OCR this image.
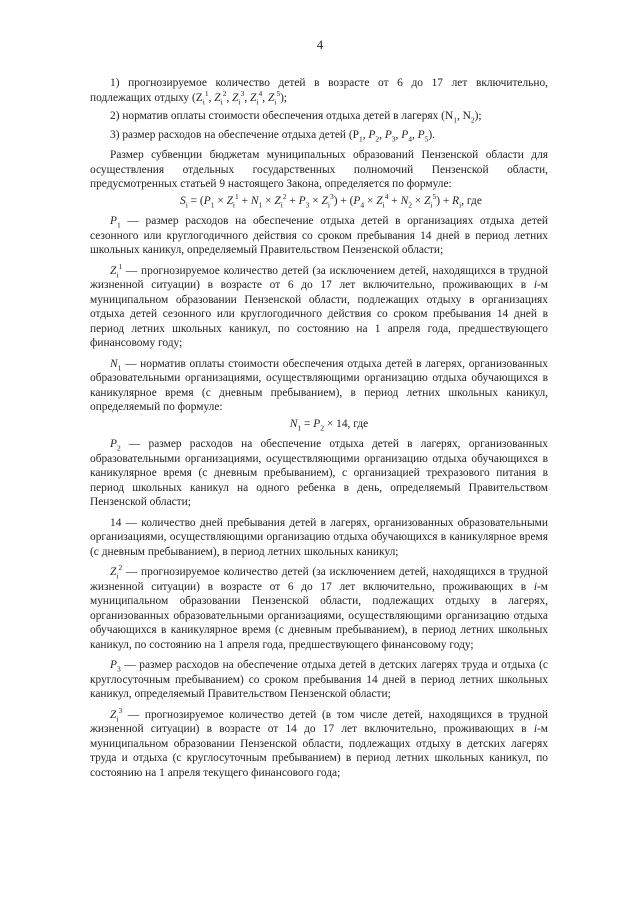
4

1) прогнозируемое количество детей в возрасте от 6 до 17 лет включительно, подлежащих отдыху ($Z_i^1$, $Z_i^2$, $Z_i^3$, $Z_i^4$, $Z_i^5$);

2) норматив оплаты стоимости обеспечения отдыха детей в лагерях ($N_1$, $N_2$);

3) размер расходов на обеспечение отдыха детей ($P_1$, $P_2$, $P_3$, $P_4$, $P_5$).

Размер субвенции бюджетам муниципальных образований Пензенской области для осуществления отдельных государственных полномочий Пензенской области, предусмотренных статьей 9 настоящего Закона, определяется по формуле:

$S_i = (P_1 \times Z_i^1 + N_1 \times Z_i^2 + P_3 \times Z_i^3) + (P_4 \times Z_i^4 + N_2 \times Z_i^5) + R_i$, где

$P_1$ — размер расходов на обеспечение отдыха детей в организациях отдыха детей сезонного или круглогодичного действия со сроком пребывания 14 дней в период летних школьных каникул, определяемый Правительством Пензенской области;

$Z_i^1$ — прогнозируемое количество детей (за исключением детей, находящихся в трудной жизненной ситуации) в возрасте от 6 до 17 лет включительно, проживающих в i-м муниципальном образовании Пензенской области, подлежащих отдыху в организациях отдыха детей сезонного или круглогодичного действия со сроком пребывания 14 дней в период летних школьных каникул, по состоянию на 1 апреля года, предшествующего финансовому году;

$N_1$ — норматив оплаты стоимости обеспечения отдыха детей в лагерях, организованных образовательными организациями, осуществляющими организацию отдыха обучающихся в каникулярное время (с дневным пребыванием), в период летних школьных каникул, определяемый по формуле:

$N_1 = P_2 \times 14$, где

$P_2$ — размер расходов на обеспечение отдыха детей в лагерях, организованных образовательными организациями, осуществляющими организацию отдыха обучающихся в каникулярное время (с дневным пребыванием), с организацией трехразового питания в период школьных каникул на одного ребенка в день, определяемый Правительством Пензенской области;

14 — количество дней пребывания детей в лагерях, организованных образовательными организациями, осуществляющими организацию отдыха обучающихся в каникулярное время (с дневным пребыванием), в период летних школьных каникул;

$Z_i^2$ — прогнозируемое количество детей (за исключением детей, находящихся в трудной жизненной ситуации) в возрасте от 6 до 17 лет включительно, проживающих в i-м муниципальном образовании Пензенской области, подлежащих отдыху в лагерях, организованных образовательными организациями, осуществляющими организацию отдыха обучающихся в каникулярное время (с дневным пребыванием), в период летних школьных каникул, по состоянию на 1 апреля года, предшествующего финансовому году;

$P_3$ — размер расходов на обеспечение отдыха детей в детских лагерях труда и отдыха (с круглосуточным пребыванием) со сроком пребывания 14 дней в период летних школьных каникул, определяемый Правительством Пензенской области;

$Z_i^3$ — прогнозируемое количество детей (в том числе детей, находящихся в трудной жизненной ситуации) в возрасте от 14 до 17 лет включительно, проживающих в i-м муниципальном образовании Пензенской области, подлежащих отдыху в детских лагерях труда и отдыха (с круглосуточным пребыванием) в период летних школьных каникул, по состоянию на 1 апреля текущего финансового года;
